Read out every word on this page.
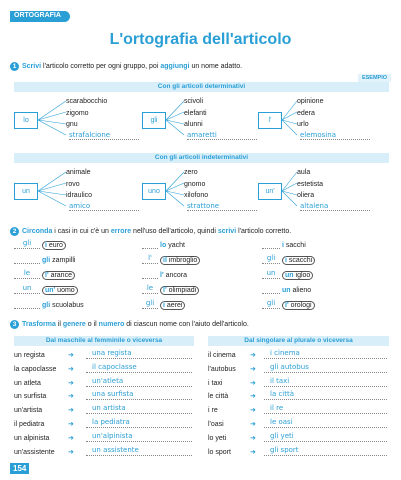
ORTOGRAFIA
L'ortografia dell'articolo
1 Scrivi l'articolo corretto per ogni gruppo, poi aggiungi un nome adatto.
ESEMPIO
Con gli articoli determinativi
Con gli articoli indeterminativi
lo
scarabocchio
zigomo
gnu
strafalcione
gli
scivoli
elefanti
alunni
amaretti
l'
opinione
edera
urlo
elemosina
un
animale
rovo
idraulico
amico
uno
zero
gnomo
xilofono
strattone
un'
aula
estetista
oliera
altalena
2 Circonda i casi in cui c'è un errore nell'uso dell'articolo, quindi scrivi l'articolo corretto.
gli	i euro
gli zampilli
le	l' arance
un	un' uomo
gli scuolabus
lo yacht
l'	il imbroglio
l' ancora
le	l' olimpiadi
gli	i aerei
i sacchi
gli	i scacchi
un	un igloo
un alieno
gli	l' orologi
3 Trasforma il genere o il numero di ciascun nome con l'aiuto dell'articolo.
Dal maschile al femminile o viceversa	Dal singolare al plurale o viceversa
un regista	➜	una regista
la capoclasse ➜	il capoclasse
un atleta	➜	un'atleta
un surfista	➜	una surfista
un'artista	➜	un artista
il pediatra	➜	la pediatra
un alpinista	➜	un'alpinista
un'assistente ➜	un assistente
il cinema ➜	i cinema
l'autobus ➜	gli autobus
i taxi	➜	il taxi
le città	➜	la città
i re	➜	il re
l'oasi	➜	le oasi
lo yeti	➜	gli yeti
lo sport	➜	gli sport
154
